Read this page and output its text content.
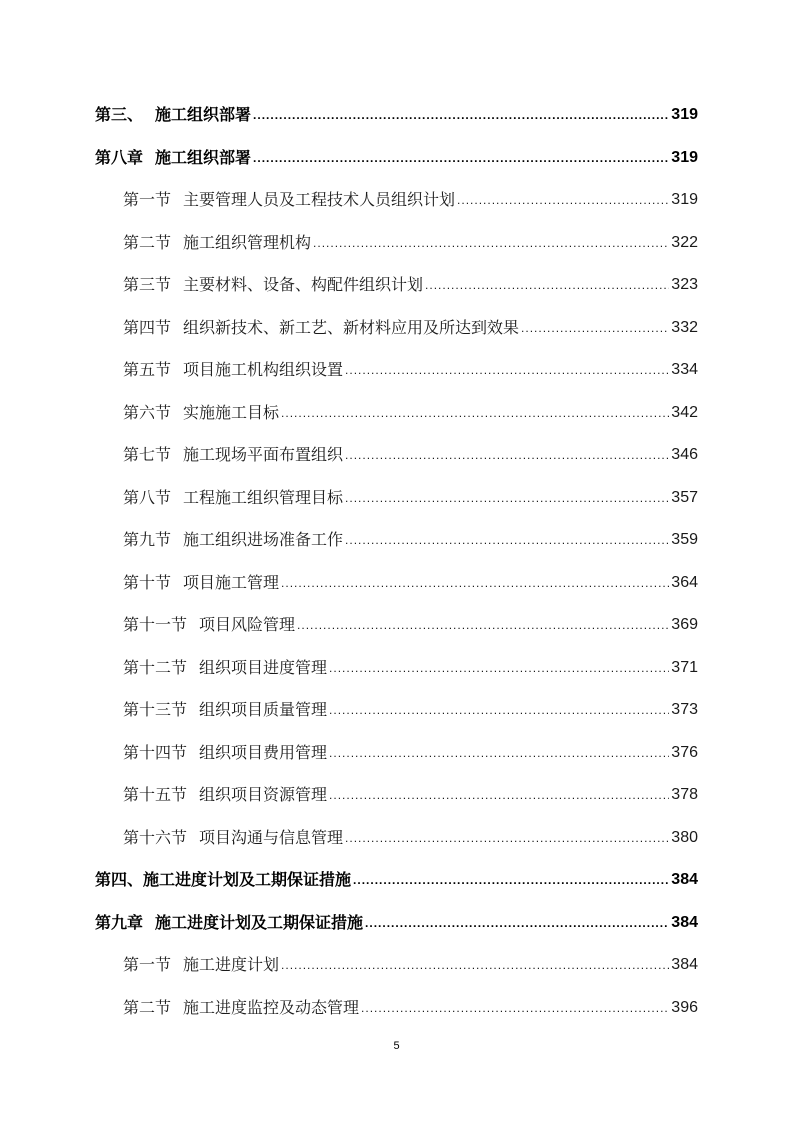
第三、 施工组织部署 .....	319
第八章 施工组织部署 .....	319
第一节 主要管理人员及工程技术人员组织计划 .....	319
第二节 施工组织管理机构 .....	322
第三节 主要材料、设备、构配件组织计划 .....	323
第四节 组织新技术、新工艺、新材料应用及所达到效果 .....	332
第五节 项目施工机构组织设置 .....	334
第六节 实施施工目标 .....	342
第七节 施工现场平面布置组织 .....	346
第八节 工程施工组织管理目标 .....	357
第九节 施工组织进场准备工作 .....	359
第十节 项目施工管理 .....	364
第十一节 项目风险管理 .....	369
第十二节 组织项目进度管理 .....	371
第十三节 组织项目质量管理 .....	373
第十四节 组织项目费用管理 .....	376
第十五节 组织项目资源管理 .....	378
第十六节 项目沟通与信息管理 .....	380
第四、施工进度计划及工期保证措施 .....	384
第九章 施工进度计划及工期保证措施 .....	384
第一节 施工进度计划 .....	384
第二节 施工进度监控及动态管理 .....	396
5
